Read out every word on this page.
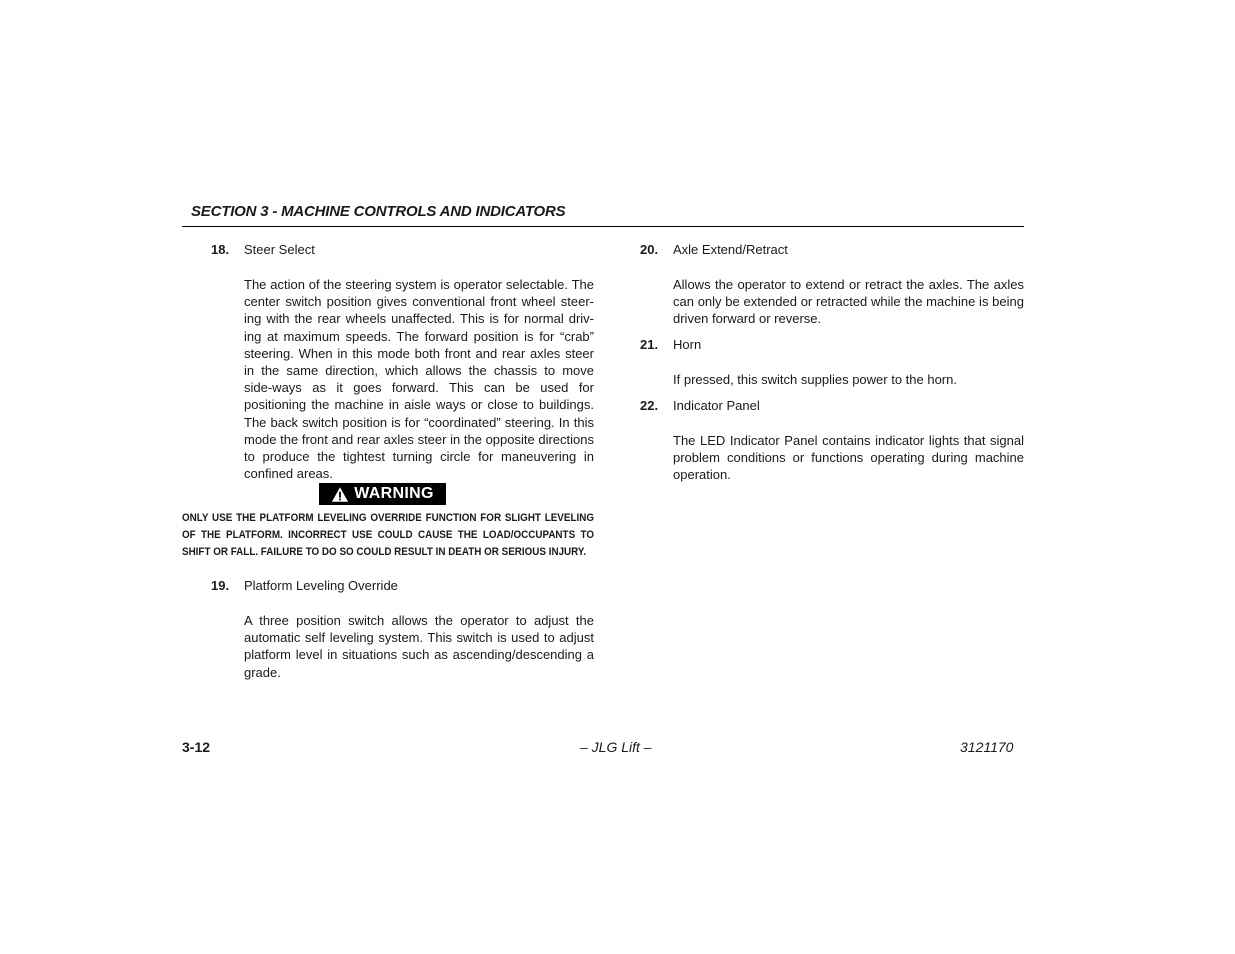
SECTION 3 - MACHINE CONTROLS AND INDICATORS
18. Steer Select
The action of the steering system is operator selectable. The center switch position gives conventional front wheel steer-ing with the rear wheels unaffected. This is for normal driv-ing at maximum speeds. The forward position is for “crab” steering. When in this mode both front and rear axles steer in the same direction, which allows the chassis to move side-ways as it goes forward. This can be used for positioning the machine in aisle ways or close to buildings. The back switch position is for “coordinated” steering. In this mode the front and rear axles steer in the opposite directions to produce the tightest turning circle for maneuvering in confined areas.
WARNING
ONLY USE THE PLATFORM LEVELING OVERRIDE FUNCTION FOR SLIGHT LEVELING OF THE PLATFORM. INCORRECT USE COULD CAUSE THE LOAD/OCCUPANTS TO SHIFT OR FALL. FAILURE TO DO SO COULD RESULT IN DEATH OR SERIOUS INJURY.
19. Platform Leveling Override
A three position switch allows the operator to adjust the automatic self leveling system. This switch is used to adjust platform level in situations such as ascending/descending a grade.
20. Axle Extend/Retract
Allows the operator to extend or retract the axles. The axles can only be extended or retracted while the machine is being driven forward or reverse.
21. Horn
If pressed, this switch supplies power to the horn.
22. Indicator Panel
The LED Indicator Panel contains indicator lights that signal problem conditions or functions operating during machine operation.
3-12	– JLG Lift –	3121170
